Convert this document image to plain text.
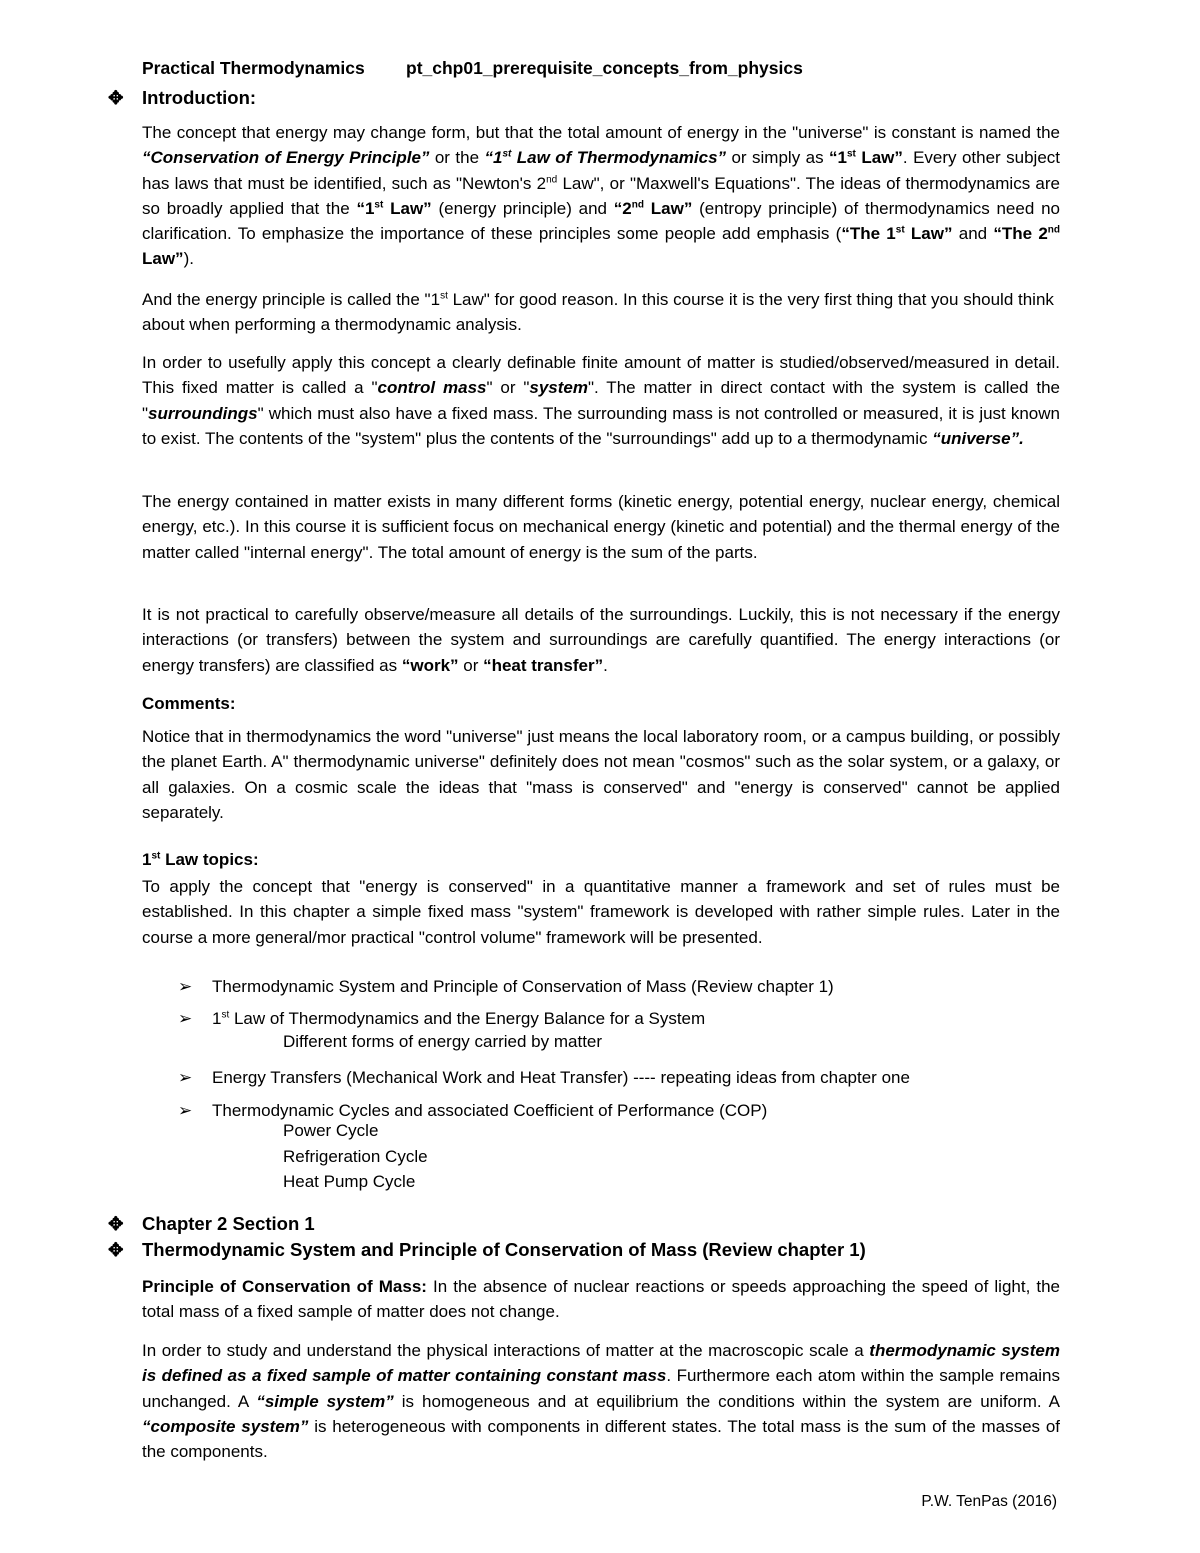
Practical Thermodynamics pt_chp01_prerequisite_concepts_from_physics
✥ Introduction:
The concept that energy may change form, but that the total amount of energy in the "universe" is constant is named the “Conservation of Energy Principle” or the “1st Law of Thermodynamics” or simply as “1st Law”. Every other subject has laws that must be identified, such as "Newton's 2nd Law", or "Maxwell's Equations". The ideas of thermodynamics are so broadly applied that the “1st Law” (energy principle) and “2nd Law” (entropy principle) of thermodynamics need no clarification. To emphasize the importance of these principles some people add emphasis (“The 1st Law” and “The 2nd Law”).
And the energy principle is called the "1st Law" for good reason. In this course it is the very first thing that you should think about when performing a thermodynamic analysis.
In order to usefully apply this concept a clearly definable finite amount of matter is studied/observed/measured in detail. This fixed matter is called a "control mass" or "system". The matter in direct contact with the system is called the "surroundings" which must also have a fixed mass. The surrounding mass is not controlled or measured, it is just known to exist. The contents of the "system" plus the contents of the "surroundings" add up to a thermodynamic “universe”.
The energy contained in matter exists in many different forms (kinetic energy, potential energy, nuclear energy, chemical energy, etc.). In this course it is sufficient focus on mechanical energy (kinetic and potential) and the thermal energy of the matter called "internal energy". The total amount of energy is the sum of the parts.
It is not practical to carefully observe/measure all details of the surroundings. Luckily, this is not necessary if the energy interactions (or transfers) between the system and surroundings are carefully quantified. The energy interactions (or energy transfers) are classified as “work” or “heat transfer”.
Comments:
Notice that in thermodynamics the word "universe" just means the local laboratory room, or a campus building, or possibly the planet Earth. A" thermodynamic universe" definitely does not mean "cosmos" such as the solar system, or a galaxy, or all galaxies. On a cosmic scale the ideas that "mass is conserved" and "energy is conserved" cannot be applied separately.
1st Law topics:
To apply the concept that "energy is conserved" in a quantitative manner a framework and set of rules must be established. In this chapter a simple fixed mass "system" framework is developed with rather simple rules. Later in the course a more general/mor practical "control volume" framework will be presented.
➢ Thermodynamic System and Principle of Conservation of Mass (Review chapter 1)
➢ 1st Law of Thermodynamics and the Energy Balance for a System
Different forms of energy carried by matter
➢ Energy Transfers (Mechanical Work and Heat Transfer) ---- repeating ideas from chapter one
➢ Thermodynamic Cycles and associated Coefficient of Performance (COP)
Power Cycle
Refrigeration Cycle
Heat Pump Cycle
✥ Chapter 2 Section 1
✥ Thermodynamic System and Principle of Conservation of Mass (Review chapter 1)
Principle of Conservation of Mass: In the absence of nuclear reactions or speeds approaching the speed of light, the total mass of a fixed sample of matter does not change.
In order to study and understand the physical interactions of matter at the macroscopic scale a thermodynamic system is defined as a fixed sample of matter containing constant mass. Furthermore each atom within the sample remains unchanged. A “simple system” is homogeneous and at equilibrium the conditions within the system are uniform. A “composite system” is heterogeneous with components in different states. The total mass is the sum of the masses of the components.
P.W. TenPas (2016)
